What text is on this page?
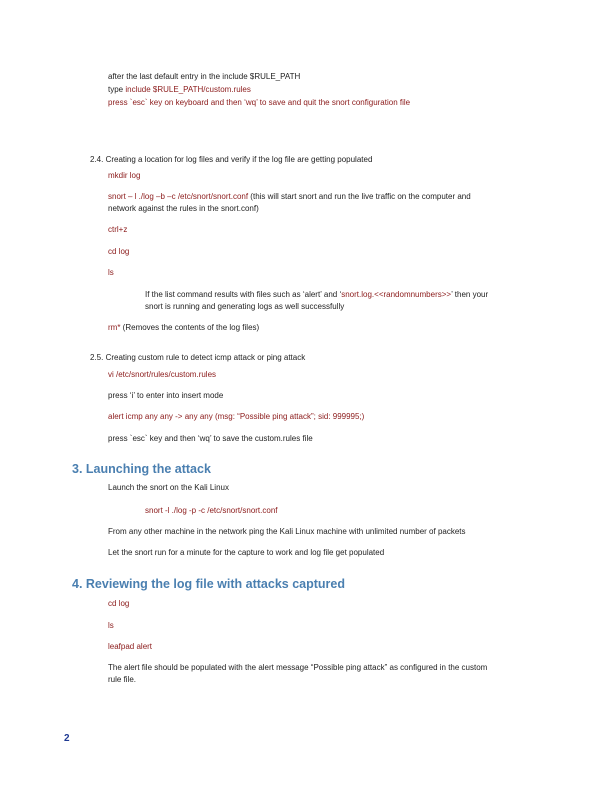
after the last default entry in the include $RULE_PATH
type include $RULE_PATH/custom.rules
press `esc` key on keyboard and then ‘wq’ to save and quit the snort configuration file
2.4. Creating a location for log files and verify if the log file are getting populated
mkdir log
snort – l ./log –b –c /etc/snort/snort.conf (this will start snort and run the live traffic on the computer and
network against the rules in the snort.conf)
ctrl+z
cd log
ls
If the list command results with files such as ‘alert’ and ‘snort.log.<<randomnumbers>>’ then your
snort is running and generating logs as well successfully
rm* (Removes the contents of the log files)
2.5. Creating custom rule to detect icmp attack or ping attack
vi /etc/snort/rules/custom.rules
press ‘i’ to enter into insert mode
alert icmp any any -> any any (msg: “Possible ping attack”; sid: 999995;)
press `esc` key and then ‘wq’ to save the custom.rules file
3. Launching the attack
Launch the snort on the Kali Linux
snort -l ./log -p -c /etc/snort/snort.conf
From any other machine in the network ping the Kali Linux machine with unlimited number of packets
Let the snort run for a minute for the capture to work and log file get populated
4. Reviewing the log file with attacks captured
cd log
ls
leafpad alert
The alert file should be populated with the alert message “Possible ping attack” as configured in the custom
rule file.
2
